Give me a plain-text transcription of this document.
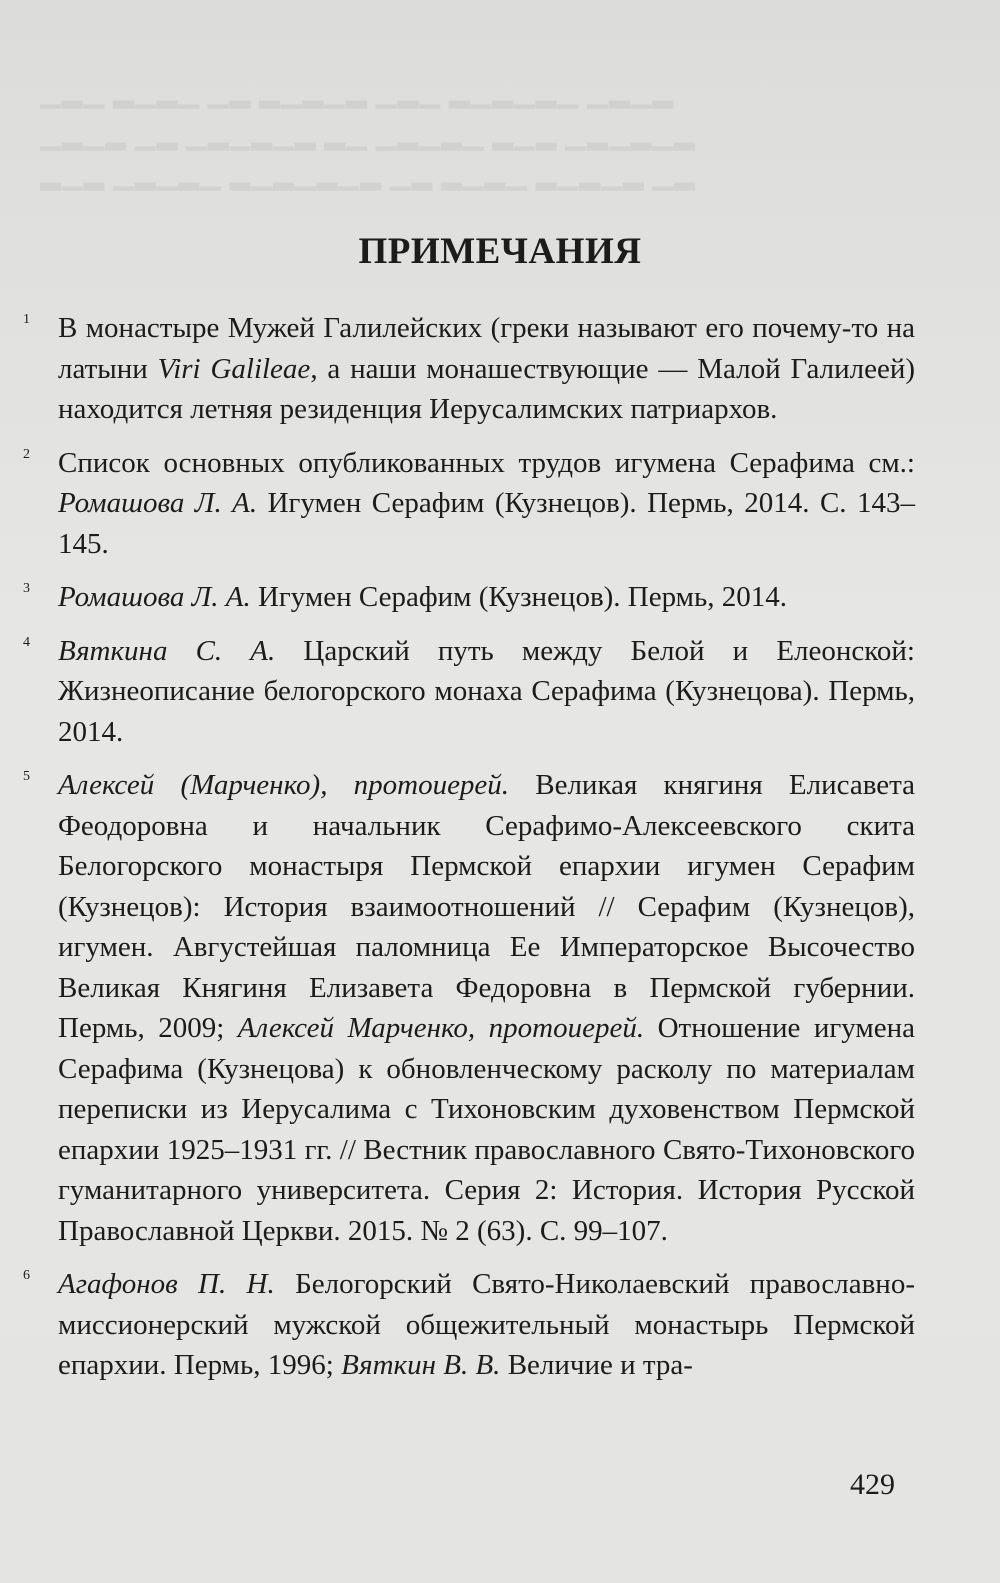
▁▂▁ ▂▁▂▁ ▁▂ ▂▁▂▁▂ ▁▂▁ ▂▁▂▁▂▁ ▁▂▁▂
▁▂▁▂ ▁▂ ▁▂▁▂▁▂ ▂▁ ▁▂▁▂▁ ▂▁▂ ▁▂▁▂▁▂
▂▁▂ ▁▂▁▂▁ ▂▁▂▁▂▁▂ ▁▂ ▂▁▂▁ ▂▁▂▁▂ ▁▂
ПРИМЕЧАНИЯ
1 В монастыре Мужей Галилейских (греки называют его почему-то на латыни Viri Galileae, а наши монашествующие — Малой Галилеей) находится летняя резиденция Иерусалимских патриархов.
2 Список основных опубликованных трудов игумена Серафима см.: Ромашова Л. А. Игумен Серафим (Кузнецов). Пермь, 2014. С. 143–145.
3 Ромашова Л. А. Игумен Серафим (Кузнецов). Пермь, 2014.
4 Вяткина С. А. Царский путь между Белой и Елеонской: Жизнеописание белогорского монаха Серафима (Кузнецова). Пермь, 2014.
5 Алексей (Марченко), протоиерей. Великая княгиня Елисавета Феодоровна и начальник Серафимо-Алексеевского скита Белогорского монастыря Пермской епархии игумен Серафим (Кузнецов): История взаимоотношений // Серафим (Кузнецов), игумен. Августейшая паломница Ее Императорское Высочество Великая Княгиня Елизавета Федоровна в Пермской губернии. Пермь, 2009; Алексей Марченко, протоиерей. Отношение игумена Серафима (Кузнецова) к обновленческому расколу по материалам переписки из Иерусалима с Тихоновским духовенством Пермской епархии 1925–1931 гг. // Вестник православного Свято-Тихоновского гуманитарного университета. Серия 2: История. История Русской Православной Церкви. 2015. № 2 (63). С. 99–107.
6 Агафонов П. Н. Белогорский Свято-Николаевский православно-миссионерский мужской общежительный монастырь Пермской епархии. Пермь, 1996; Вяткин В. В. Величие и тра-
429
